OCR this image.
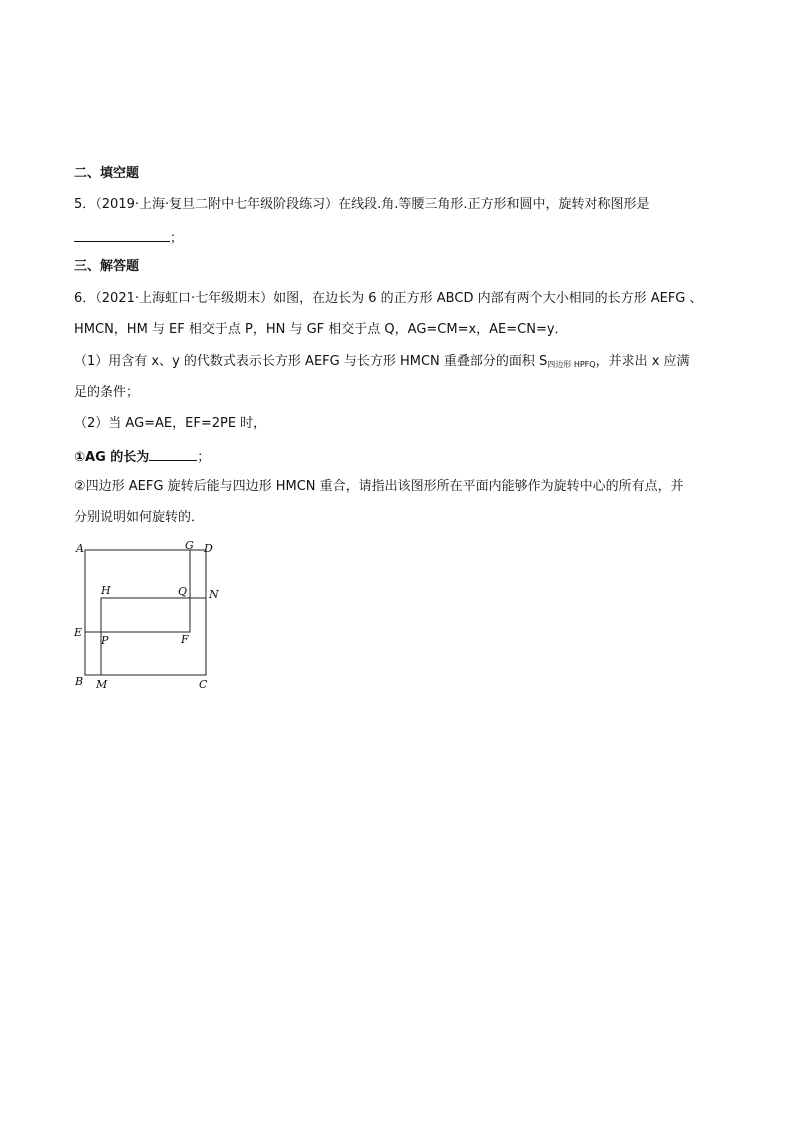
二、填空题
5．（2019·上海·复旦二附中七年级阶段练习）在线段.角.等腰三角形.正方形和圆中，旋转对称图形是
；
三、解答题
6．（2021·上海虹口·七年级期末）如图，在边长为 6 的正方形 ABCD 内部有两个大小相同的长方形 AEFG 、
HMCN，HM 与 EF 相交于点 P，HN 与 GF 相交于点 Q，AG=CM=x，AE=CN=y．
（1）用含有 x、y 的代数式表示长方形 AEFG 与长方形 HMCN 重叠部分的面积 $S_{四边形 HPFQ}$，并求出 x 应满
足的条件；
（2）当 AG=AE，EF=2PE 时，
①AG 的长为	；
②四边形 AEFG 旋转后能与四边形 HMCN 重合，请指出该图形所在平面内能够作为旋转中心的所有点，并
分别说明如何旋转的．
A	G D
H	Q N
E
P	F
B M	C
